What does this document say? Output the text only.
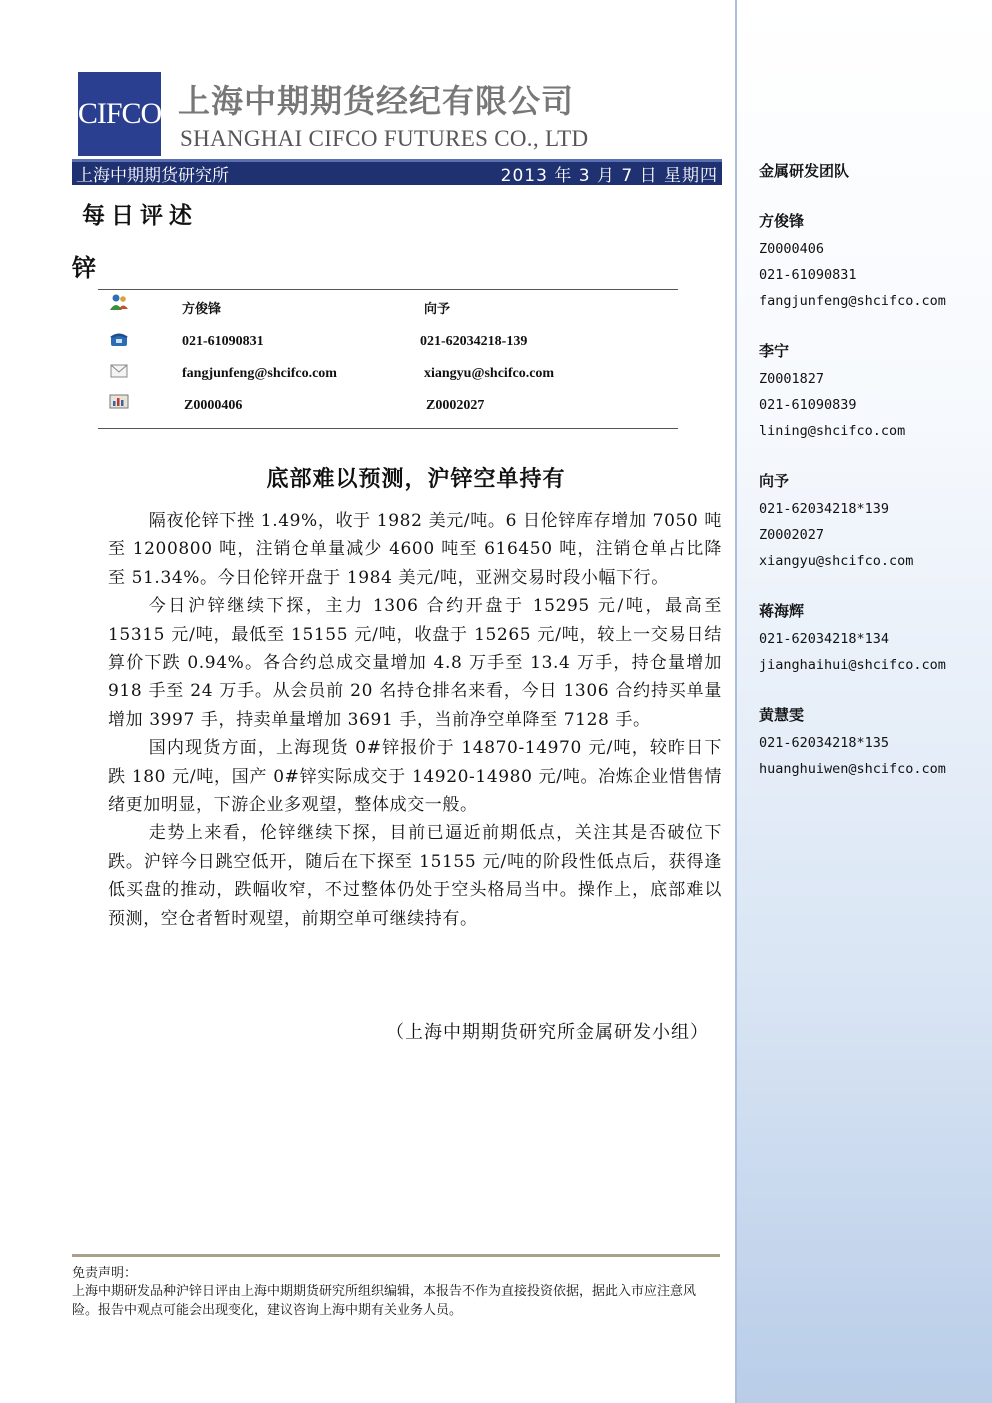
金属研发团队
方俊锋
Z0000406
021-61090831
fangjunfeng@shcifco.com
李宁
Z0001827
021-61090839
lining@shcifco.com
向予
021-62034218*139
Z0002027
xiangyu@shcifco.com
蒋海辉
021-62034218*134
jianghaihui@shcifco.com
黄慧雯
021-62034218*135
huanghuiwen@shcifco.com
CIFCO 上海中期期货经纪有限公司
SHANGHAI CIFCO FUTURES CO., LTD
上海中期期货研究所	2013 年 3 月 7 日 星期四
每日评述
锌
方俊锋	向予
021-61090831	021-62034218-139
fangjunfeng@shcifco.com	xiangyu@shcifco.com
Z0000406	Z0002027
底部难以预测，沪锌空单持有

隔夜伦锌下挫 1.49%，收于 1982 美元/吨。6 日伦锌库存增加 7050 吨至 1200800 吨，注销仓单量减少 4600 吨至 616450 吨，注销仓单占比降至 51.34%。今日伦锌开盘于 1984 美元/吨，亚洲交易时段小幅下行。

今日沪锌继续下探，主力 1306 合约开盘于 15295 元/吨，最高至 15315 元/吨，最低至 15155 元/吨，收盘于 15265 元/吨，较上一交易日结算价下跌 0.94%。各合约总成交量增加 4.8 万手至 13.4 万手，持仓量增加 918 手至 24 万手。从会员前 20 名持仓排名来看，今日 1306 合约持买单量增加 3997 手，持卖单量增加 3691 手，当前净空单降至 7128 手。

国内现货方面，上海现货 0#锌报价于 14870-14970 元/吨，较昨日下跌 180 元/吨，国产 0#锌实际成交于 14920-14980 元/吨。冶炼企业惜售情绪更加明显，下游企业多观望，整体成交一般。

走势上来看，伦锌继续下探，目前已逼近前期低点，关注其是否破位下跌。沪锌今日跳空低开，随后在下探至 15155 元/吨的阶段性低点后，获得逢低买盘的推动，跌幅收窄，不过整体仍处于空头格局当中。操作上，底部难以预测，空仓者暂时观望，前期空单可继续持有。

（上海中期期货研究所金属研发小组）
免责声明：
上海中期研发品种沪锌日评由上海中期期货研究所组织编辑，本报告不作为直接投资依据，据此入市应注意风险。报告中观点可能会出现变化，建议咨询上海中期有关业务人员。
